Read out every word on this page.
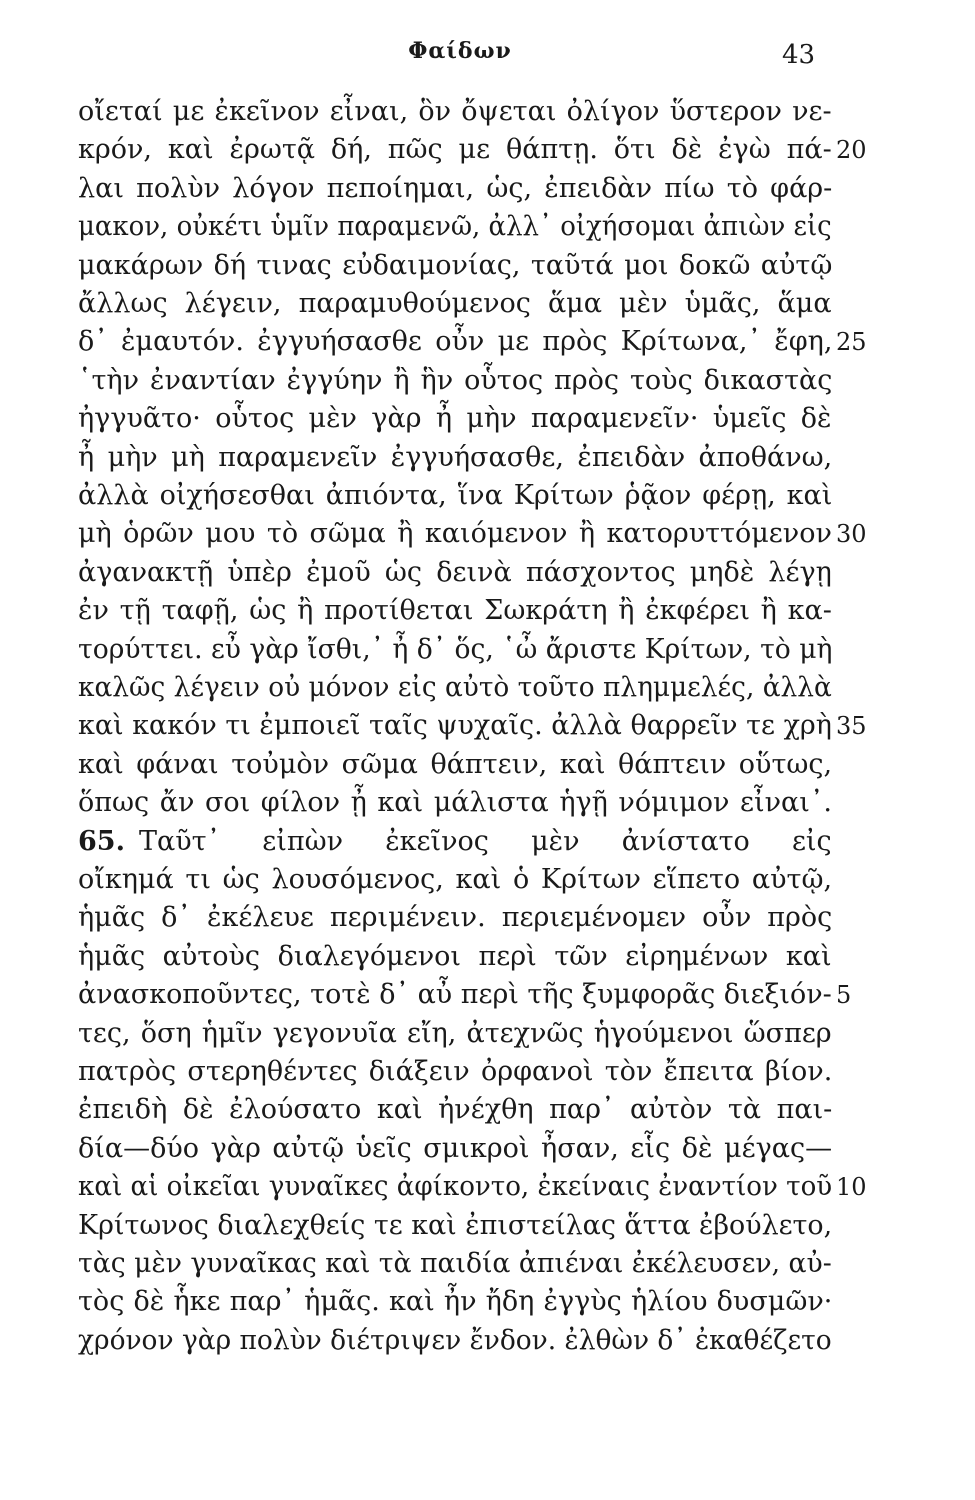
Φαίδων	43
οἴεταί με ἐκεῖνον εἶναι, ὃν ὄψεται ὀλίγον ὕστερον νε-
κρόν, καὶ ἐρωτᾷ δή, πῶς με θάπτῃ. ὅτι δὲ ἐγὼ πά- 20
λαι πολὺν λόγον πεποίημαι, ὡς, ἐπειδὰν πίω τὸ φάρ-
μακον, οὐκέτι ὑμῖν παραμενῶ, ἀλλ᾽ οἰχήσομαι ἀπιὼν εἰς
μακάρων δή τινας εὐδαιμονίας, ταῦτά μοι δοκῶ αὐτῷ
ἄλλως λέγειν, παραμυθούμενος ἅμα μὲν ὑμᾶς, ἅμα
δ᾽ ἐμαυτόν. ἐγγυήσασθε οὖν με πρὸς Κρίτωνα,᾽ ἔφη, 25
῾τὴν ἐναντίαν ἐγγύην ἢ ἣν οὗτος πρὸς τοὺς δικαστὰς
ἠγγυᾶτο· οὗτος μὲν γὰρ ἦ μὴν παραμενεῖν· ὑμεῖς δὲ
ἦ μὴν μὴ παραμενεῖν ἐγγυήσασθε, ἐπειδὰν ἀποθάνω,
ἀλλὰ οἰχήσεσθαι ἀπιόντα, ἵνα Κρίτων ῥᾷον φέρῃ, καὶ
μὴ ὁρῶν μου τὸ σῶμα ἢ καιόμενον ἢ κατορυττόμενον 30
ἀγανακτῇ ὑπὲρ ἐμοῦ ὡς δεινὰ πάσχοντος μηδὲ λέγῃ
ἐν τῇ ταφῇ, ὡς ἢ προτίθεται Σωκράτη ἢ ἐκφέρει ἢ κα-
τορύττει. εὖ γὰρ ἴσθι,᾽ ἦ δ᾽ ὅς, ῾ὦ ἄριστε Κρίτων, τὸ μὴ
καλῶς λέγειν οὐ μόνον εἰς αὐτὸ τοῦτο πλημμελές, ἀλλὰ
καὶ κακόν τι ἐμποιεῖ ταῖς ψυχαῖς. ἀλλὰ θαρρεῖν τε χρὴ 35
καὶ φάναι τοὐμὸν σῶμα θάπτειν, καὶ θάπτειν οὕτως,
ὅπως ἄν σοι φίλον ᾖ καὶ μάλιστα ἡγῇ νόμιμον εἶναι᾽.
65. Ταῦτ᾽ εἰπὼν ἐκεῖνος μὲν ἀνίστατο εἰς
οἴκημά τι ὡς λουσόμενος, καὶ ὁ Κρίτων εἵπετο αὐτῷ,
ἡμᾶς δ᾽ ἐκέλευε περιμένειν. περιεμένομεν οὖν πρὸς
ἡμᾶς αὐτοὺς διαλεγόμενοι περὶ τῶν εἰρημένων καὶ
ἀνασκοποῦντες, τοτὲ δ᾽ αὖ περὶ τῆς ξυμφορᾶς διεξιόν- 5
τες, ὅση ἡμῖν γεγονυῖα εἴη, ἀτεχνῶς ἡγούμενοι ὥσπερ
πατρὸς στερηθέντες διάξειν ὀρφανοὶ τὸν ἔπειτα βίον.
ἐπειδὴ δὲ ἐλούσατο καὶ ἠνέχθη παρ᾽ αὐτὸν τὰ παι-
δία—δύο γὰρ αὐτῷ ὑεῖς σμικροὶ ἦσαν, εἷς δὲ μέγας—
καὶ αἱ οἰκεῖαι γυναῖκες ἀφίκοντο, ἐκείναις ἐναντίον τοῦ 10
Κρίτωνος διαλεχθείς τε καὶ ἐπιστείλας ἅττα ἐβούλετο,
τὰς μὲν γυναῖκας καὶ τὰ παιδία ἀπιέναι ἐκέλευσεν, αὐ-
τὸς δὲ ἧκε παρ᾽ ἡμᾶς. καὶ ἦν ἤδη ἐγγὺς ἡλίου δυσμῶν·
χρόνον γὰρ πολὺν διέτριψεν ἔνδον. ἐλθὼν δ᾽ ἐκαθέζετο
